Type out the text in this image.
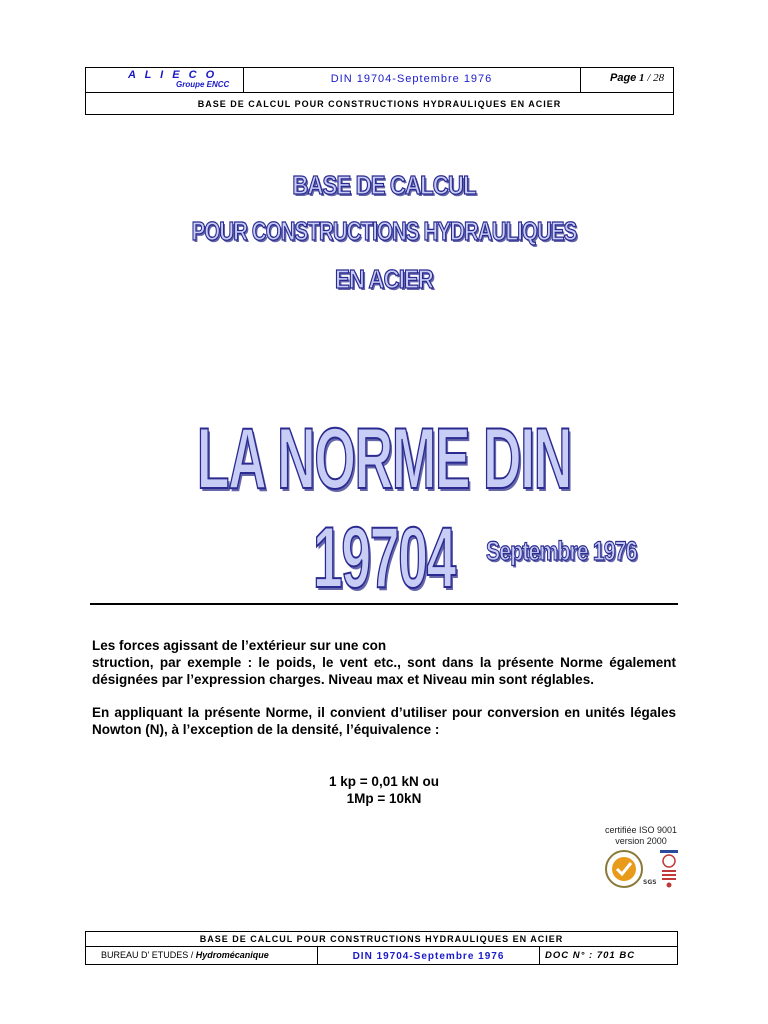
A L I E C O
Groupe ENCC	DIN 19704-Septembre 1976	Page 1 / 28
BASE DE CALCUL POUR CONSTRUCTIONS HYDRAULIQUES EN ACIER
BASE DE CALCUL
POUR CONSTRUCTIONS HYDRAULIQUES
EN ACIER
LA NORME DIN 19704	Septembre 1976

Les forces agissant de l’extérieur sur une con
struction, par exemple : le poids, le vent etc., sont dans la présente Norme également désignées par l’expression charges. Niveau max et Niveau min sont réglables.

En appliquant la présente Norme, il convient d’utiliser pour conversion en unités légales Nowton (N), à l’exception de la densité, l’équivalence :

1 kp = 0,01 kN ou
1Mp = 10kN
certifiée ISO 9001
version 2000
SGS
BASE DE CALCUL POUR CONSTRUCTIONS HYDRAULIQUES EN ACIER
BUREAU D' ETUDES / Hydromécanique	DIN 19704-Septembre 1976	DOC N° : 701 BC
